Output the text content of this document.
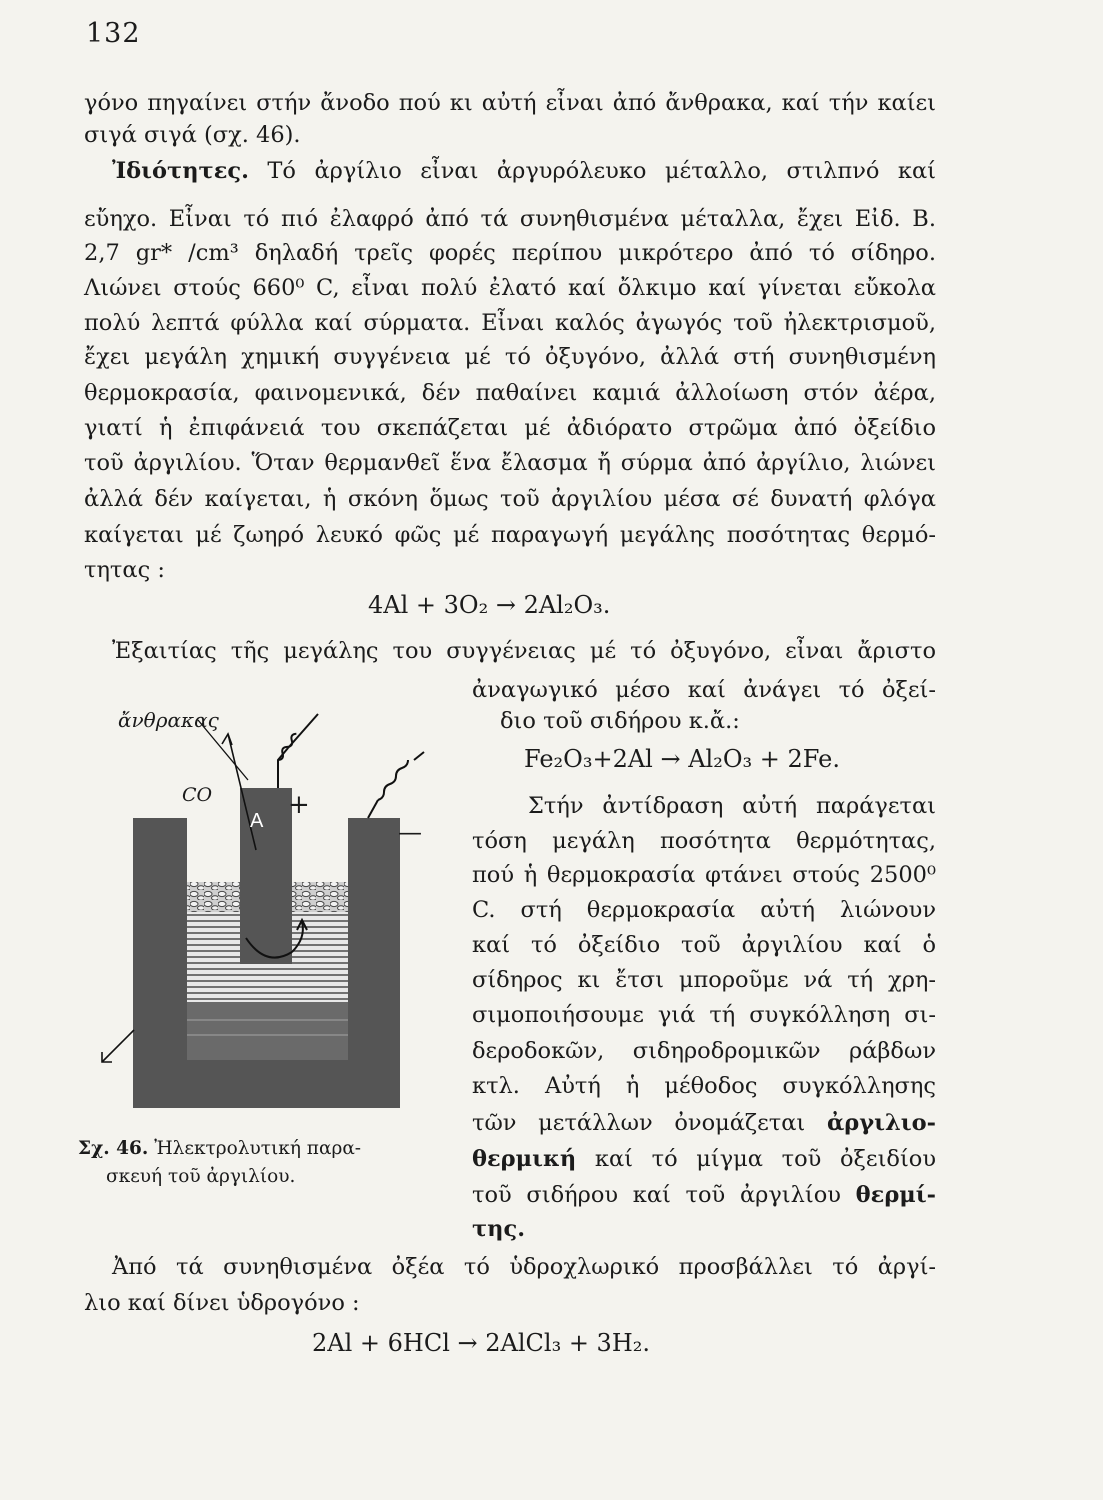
132
γόνο πηγαίνει στήν ἄνοδο πού κι αὐτή εἶναι ἀπό ἄνθρακα, καί τήν καίει
σιγά σιγά (σχ. 46).
Ἰδιότητες. Τό ἀργίλιο εἶναι ἀργυρόλευκο μέταλλο, στιλπνό καί
εὔηχο. Εἶναι τό πιό ἐλαφρό ἀπό τά συνηθισμένα μέταλλα, ἔχει Εἰδ. Β.
2,7 gr* /cm³ δηλαδή τρεῖς φορές περίπου μικρότερο ἀπό τό σίδηρο.
Λιώνει στούς 660⁰ C, εἶναι πολύ ἐλατό καί ὄλκιμο καί γίνεται εὔκολα
πολύ λεπτά φύλλα καί σύρματα. Εἶναι καλός ἀγωγός τοῦ ἠλεκτρισμοῦ,
ἔχει μεγάλη χημική συγγένεια μέ τό ὀξυγόνο, ἀλλά στή συνηθισμένη
θερμοκρασία, φαινομενικά, δέν παθαίνει καμιά ἀλλοίωση στόν ἀέρα,
γιατί ἡ ἐπιφάνειά του σκεπάζεται μέ ἀδιόρατο στρῶμα ἀπό ὀξείδιο
τοῦ ἀργιλίου. Ὅταν θερμανθεῖ ἕνα ἔλασμα ἤ σύρμα ἀπό ἀργίλιο, λιώνει
ἀλλά δέν καίγεται, ἡ σκόνη ὅμως τοῦ ἀργιλίου μέσα σέ δυνατή φλόγα
καίγεται μέ ζωηρό λευκό φῶς μέ παραγωγή μεγάλης ποσότητας θερμό-
τητας :
4Al + 3O₂ → 2Al₂O₃.
Ἐξαιτίας τῆς μεγάλης του συγγένειας μέ τό ὀξυγόνο, εἶναι ἄριστο
ἀναγωγικό μέσο καί ἀνάγει τό ὀξεί-
διο τοῦ σιδήρου κ.ἄ.:
Fe₂O₃+2Al → Al₂O₃ + 2Fe.
Στήν ἀντίδραση αὐτή παράγεται
τόση μεγάλη ποσότητα θερμότητας,
πού ἡ θερμοκρασία φτάνει στούς 2500⁰
C. στή θερμοκρασία αὐτή λιώνουν
καί τό ὀξείδιο τοῦ ἀργιλίου καί ὁ
σίδηρος κι ἔτσι μποροῦμε νά τή χρη-
σιμοποιήσουμε γιά τή συγκόλληση σι-
δεροδοκῶν, σιδηροδρομικῶν ράβδων
κτλ. Αὐτή ἡ μέθοδος συγκόλλησης
τῶν μετάλλων ὀνομάζεται ἀργιλιο-
θερμική καί τό μίγμα τοῦ ὀξειδίου
τοῦ σιδήρου καί τοῦ ἀργιλίου θερμί-
της.
ἄνθρακας
CO
A
+
—
Σχ. 46. Ἠλεκτρολυτική παρα-
σκευή τοῦ ἀργιλίου.
Ἀπό τά συνηθισμένα ὀξέα τό ὑδροχλωρικό προσβάλλει τό ἀργί-
λιο καί δίνει ὑδρογόνο :
2Al + 6HCl → 2AlCl₃ + 3H₂.
